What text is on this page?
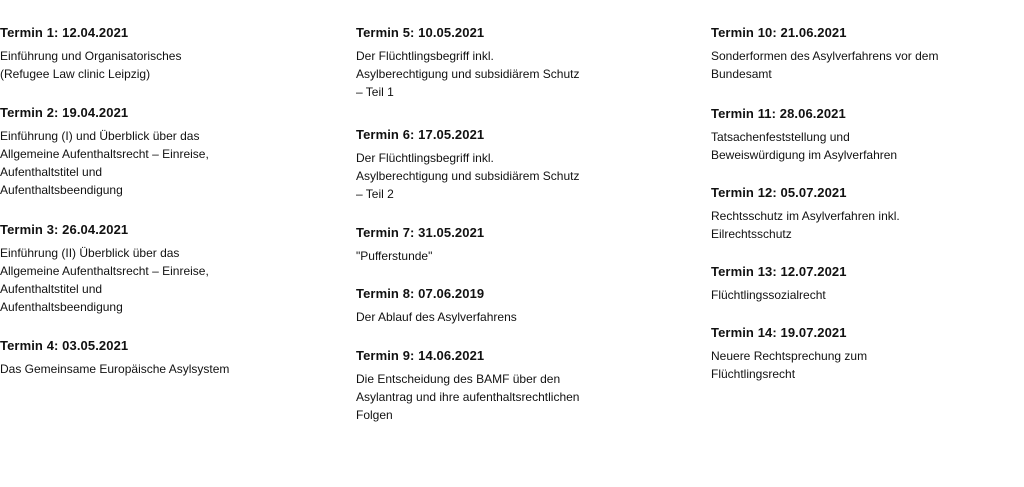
Termin 1: 12.04.2021
Einführung und Organisatorisches
(Refugee Law clinic Leipzig)
Termin 2: 19.04.2021
Einführung (I) und Überblick über das
Allgemeine Aufenthaltsrecht – Einreise,
Aufenthaltstitel und
Aufenthaltsbeendigung
Termin 3: 26.04.2021
Einführung (II) Überblick über das
Allgemeine Aufenthaltsrecht – Einreise,
Aufenthaltstitel und
Aufenthaltsbeendigung
Termin 4: 03.05.2021
Das Gemeinsame Europäische Asylsystem
Termin 5: 10.05.2021
Der Flüchtlingsbegriff inkl.
Asylberechtigung und subsidiärem Schutz
– Teil 1
Termin 6: 17.05.2021
Der Flüchtlingsbegriff inkl.
Asylberechtigung und subsidiärem Schutz
– Teil 2
Termin 7: 31.05.2021
"Pufferstunde"
Termin 8: 07.06.2019
Der Ablauf des Asylverfahrens
Termin 9: 14.06.2021
Die Entscheidung des BAMF über den
Asylantrag und ihre aufenthaltsrechtlichen
Folgen
Termin 10: 21.06.2021
Sonderformen des Asylverfahrens vor dem
Bundesamt
Termin 11: 28.06.2021
Tatsachenfeststellung und
Beweiswürdigung im Asylverfahren
Termin 12: 05.07.2021
Rechtsschutz im Asylverfahren inkl.
Eilrechtsschutz
Termin 13: 12.07.2021
Flüchtlingssozialrecht
Termin 14: 19.07.2021
Neuere Rechtsprechung zum
Flüchtlingsrecht
